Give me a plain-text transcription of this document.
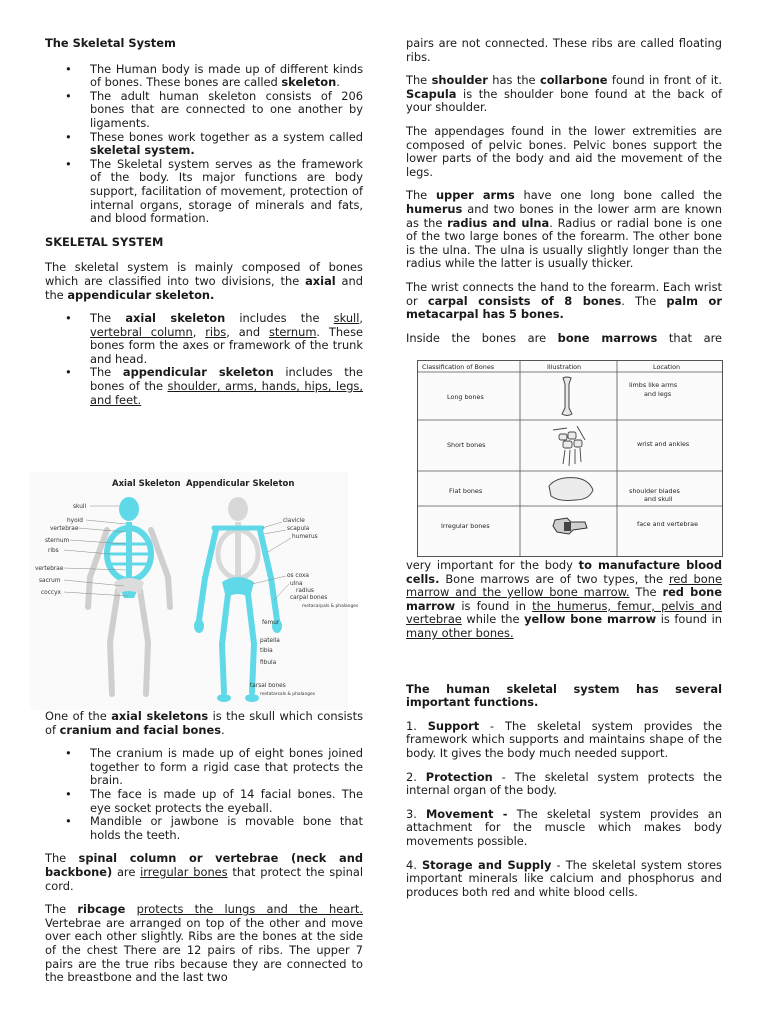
The Skeletal System

• The Human body is made up of different kinds of bones. These bones are called skeleton.
• The adult human skeleton consists of 206 bones that are connected to one another by ligaments.
• These bones work together as a system called skeletal system.
• The Skeletal system serves as the framework of the body. Its major functions are body support, facilitation of movement, protection of internal organs, storage of minerals and fats, and blood formation.

SKELETAL SYSTEM

The skeletal system is mainly composed of bones which are classified into two divisions, the axial and the appendicular skeleton.

• The axial skeleton includes the skull, vertebral column, ribs, and sternum. These bones form the axes or framework of the trunk and head.
• The appendicular skeleton includes the bones of the shoulder, arms, hands, hips, legs, and feet.
Axial Skeleton Appendicular Skeleton
skull
hyoid
vertebrae
sternum
ribs
vertebrae
sacrum
coccyx
clavicle
scapula
humerus
os coxa
ulna
radius
carpal bones
metacarpals & phalanges
femur
patella
tibia
fibula
tarsal bones
metatarsals & phalanges

One of the axial skeletons is the skull which consists of cranium and facial bones.

• The cranium is made up of eight bones joined together to form a rigid case that protects the brain.
• The face is made up of 14 facial bones. The eye socket protects the eyeball.
• Mandible or jawbone is movable bone that holds the teeth.

The spinal column or vertebrae (neck and backbone) are irregular bones that protect the spinal cord.

The ribcage protects the lungs and the heart. Vertebrae are arranged on top of the other and move over each other slightly. Ribs are the bones at the side of the chest There are 12 pairs of ribs. The upper 7 pairs are the true ribs because they are connected to the breastbone and the last two

pairs are not connected. These ribs are called floating ribs.

The shoulder has the collarbone found in front of it. Scapula is the shoulder bone found at the back of your shoulder.

The appendages found in the lower extremities are composed of pelvic bones. Pelvic bones support the lower parts of the body and aid the movement of the legs.

The upper arms have one long bone called the humerus and two bones in the lower arm are known as the radius and ulna. Radius or radial bone is one of the two large bones of the forearm. The other bone is the ulna. The ulna is usually slightly longer than the radius while the latter is usually thicker.

The wrist connects the hand to the forearm. Each wrist or carpal consists of 8 bones. The palm or metacarpal has 5 bones.

Inside the bones are bone marrows that are

Classification of Bones	Illustration	Location
Long bones
Short bones
Flat bones
Irregular bones
limbs like arms
and legs
wrist and ankles
shoulder blades
and skull
face and vertebrae

very important for the body to manufacture blood cells. Bone marrows are of two types, the red bone marrow and the yellow bone marrow. The red bone marrow is found in the humerus, femur, pelvis and vertebrae while the yellow bone marrow is found in many other bones.

The human skeletal system has several important functions.

1. Support - The skeletal system provides the framework which supports and maintains shape of the body. It gives the body much needed support.

2. Protection - The skeletal system protects the internal organ of the body.

3. Movement - The skeletal system provides an attachment for the muscle which makes body movements possible.

4. Storage and Supply - The skeletal system stores important minerals like calcium and phosphorus and produces both red and white blood cells.
